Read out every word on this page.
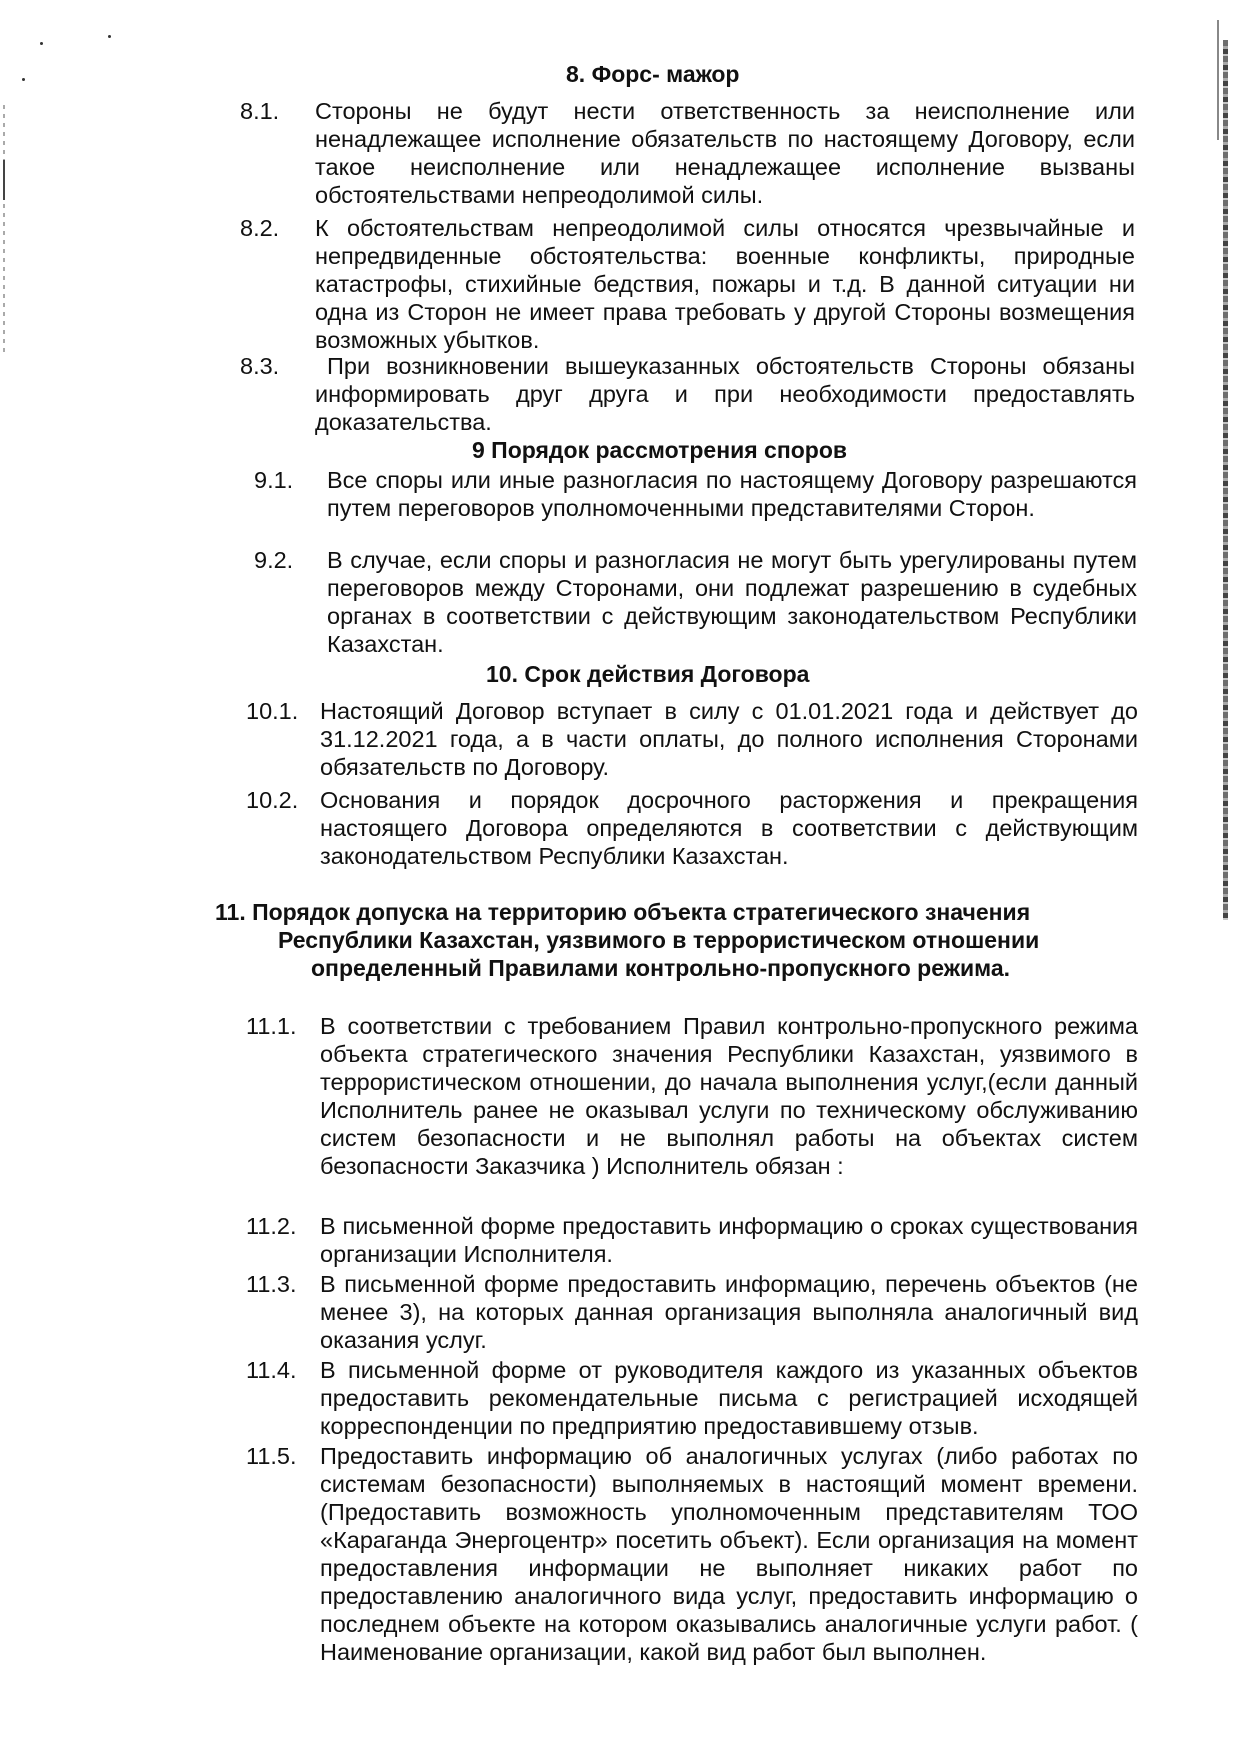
8. Форс- мажор
8.1. Стороны не будут нести ответственность за неисполнение или ненадлежащее исполнение обязательств по настоящему Договору, если такое неисполнение или ненадлежащее исполнение вызваны обстоятельствами непреодолимой силы.
8.2. К обстоятельствам непреодолимой силы относятся чрезвычайные и непредвиденные обстоятельства: военные конфликты, природные катастрофы, стихийные бедствия, пожары и т.д. В данной ситуации ни одна из Сторон не имеет права требовать у другой Стороны возмещения возможных убытков.
8.3.	При возникновении вышеуказанных обстоятельств Стороны обязаны информировать друг друга и при необходимости предоставлять доказательства.
9 Порядок рассмотрения споров
9.1. Все споры или иные разногласия по настоящему Договору разрешаются путем переговоров уполномоченными представителями Сторон.
9.2. В случае, если споры и разногласия не могут быть урегулированы путем переговоров между Сторонами, они подлежат разрешению в судебных органах в соответствии с действующим законодательством Республики Казахстан.
10. Срок действия Договора
10.1. Настоящий Договор вступает в силу с 01.01.2021 года и действует до 31.12.2021 года, а в части оплаты, до полного исполнения Сторонами обязательств по Договору.
10.2. Основания и порядок досрочного расторжения и прекращения настоящего Договора определяются в соответствии с действующим законодательством Республики Казахстан.
11. Порядок допуска на территорию объекта стратегического значения
Республики Казахстан, уязвимого в террористическом отношении
определенный Правилами контрольно-пропускного режима.
11.1. В соответствии с требованием Правил контрольно-пропускного режима объекта стратегического значения Республики Казахстан, уязвимого в террористическом отношении, до начала выполнения услуг,(если данный Исполнитель ранее не оказывал услуги по техническому обслуживанию систем безопасности и не выполнял работы на объектах систем безопасности Заказчика ) Исполнитель обязан :
11.2. В письменной форме предоставить информацию о сроках существования организации Исполнителя.
11.3. В письменной форме предоставить информацию, перечень объектов (не менее 3), на которых данная организация выполняла аналогичный вид оказания услуг.
11.4. В письменной форме от руководителя каждого из указанных объектов предоставить рекомендательные письма с регистрацией исходящей корреспонденции по предприятию предоставившему отзыв.
11.5. Предоставить информацию об аналогичных услугах (либо работах по системам безопасности) выполняемых в настоящий момент времени. (Предоставить возможность уполномоченным представителям ТОО «Караганда Энергоцентр» посетить объект). Если организация на момент предоставления информации не выполняет никаких работ по предоставлению аналогичного вида услуг, предоставить информацию о последнем объекте на котором оказывались аналогичные услуги работ. ( Наименование организации, какой вид работ был выполнен.
